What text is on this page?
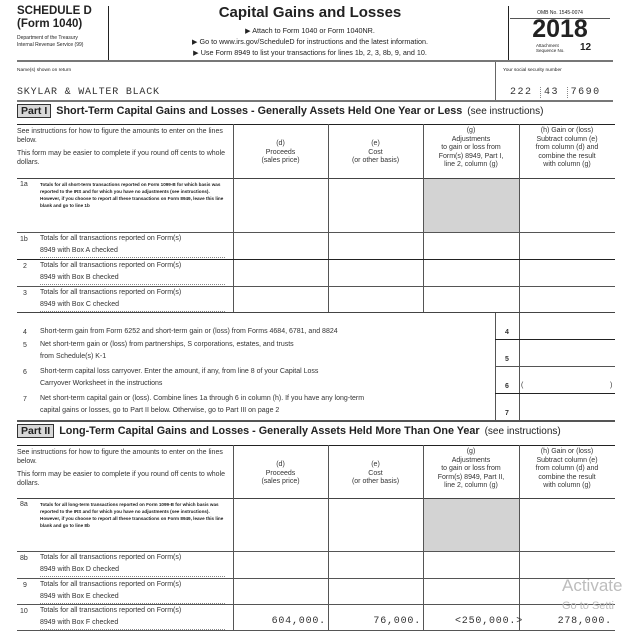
SCHEDULE D
(Form 1040)
Department of the Treasury
Internal Revenue Service (99)
Capital Gains and Losses
▶ Attach to Form 1040 or Form 1040NR.
▶ Go to www.irs.gov/ScheduleD for instructions and the latest information.
▶ Use Form 8949 to list your transactions for lines 1b, 2, 3, 8b, 9, and 10.
OMB No. 1545-0074
2018
Attachment
Sequence No. 12
Name(s) shown on return	Your social security number
SKYLAR & WALTER BLACK	222 43 7690
Part I Short-Term Capital Gains and Losses - Generally Assets Held One Year or Less (see instructions)
See instructions for how to figure the amounts to enter on the lines below.
This form may be easier to complete if you round off cents to whole dollars.
(d)
Proceeds
(sales price)
(e)
Cost
(or other basis)
(g)
Adjustments
to gain or loss from
Form(s) 8949, Part I,
line 2, column (g)
(h) Gain or (loss)
Subtract column (e)
from column (d) and
combine the result
with column (g)
1a	Totals for all short-term transactions reported on Form 1099-B for which basis was reported to the IRS and for which you have no adjustments (see instructions). However, if you choose to report all these transactions on Form 8949, leave this line blank and go to line 1b
1b Totals for all transactions reported on Form(s)
8949 with Box A checked
2 Totals for all transactions reported on Form(s)
8949 with Box B checked
3 Totals for all transactions reported on Form(s)
8949 with Box C checked
4 Short-term gain from Form 6252 and short-term gain or (loss) from Forms 4684, 6781, and 8824	4
5 Net short-term gain or (loss) from partnerships, S corporations, estates, and trusts
from Schedule(s) K-1	5
6 Short-term capital loss carryover. Enter the amount, if any, from line 8 of your Capital Loss
Carryover Worksheet in the instructions	6 (	)
7 Net short-term capital gain or (loss). Combine lines 1a through 6 in column (h). If you have any long-term
capital gains or losses, go to Part II below. Otherwise, go to Part III on page 2	7
Part II Long-Term Capital Gains and Losses - Generally Assets Held More Than One Year (see instructions)
See instructions for how to figure the amounts to enter on the lines below.
This form may be easier to complete if you round off cents to whole dollars.
(d)
Proceeds
(sales price)
(e)
Cost
(or other basis)
(g)
Adjustments
to gain or loss from
Form(s) 8949, Part II,
line 2, column (g)
(h) Gain or (loss)
Subtract column (e)
from column (d) and
combine the result
with column (g)
8a	Totals for all long-term transactions reported on Form 1099-B for which basis was reported to the IRS and for which you have no adjustments (see instructions). However, if you choose to report all these transactions on Form 8949, leave this line blank and go to line 8b
8b Totals for all transactions reported on Form(s)
8949 with Box D checked
9 Totals for all transactions reported on Form(s)
8949 with Box E checked
10 Totals for all transactions reported on Form(s)
8949 with Box F checked	604,000.	76,000.	<250,000.>	278,000.
Activate
Go to Setti
